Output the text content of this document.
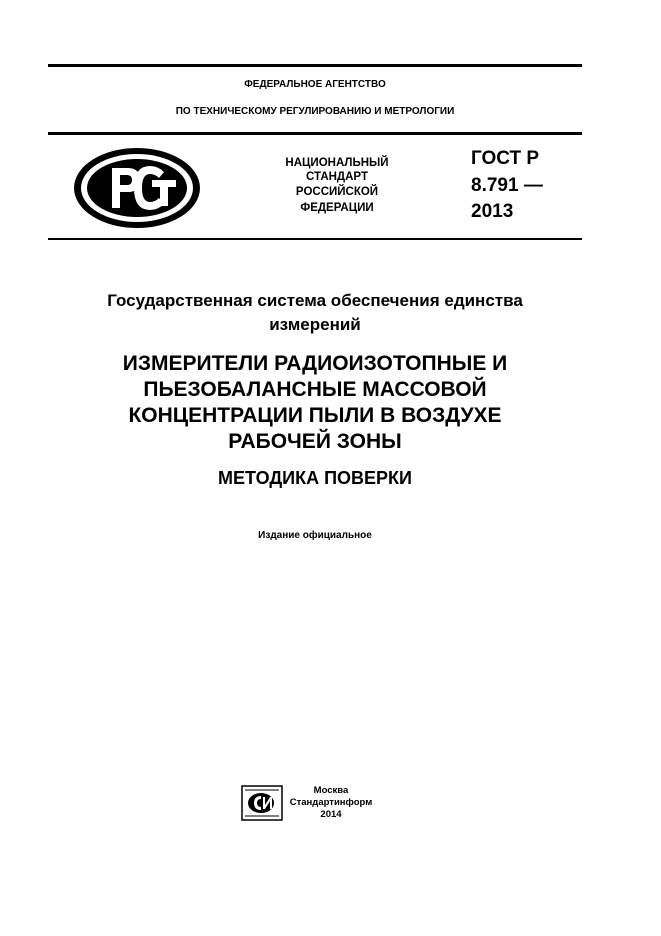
ФЕДЕРАЛЬНОЕ АГЕНТСТВО
ПО ТЕХНИЧЕСКОМУ РЕГУЛИРОВАНИЮ И МЕТРОЛОГИИ
НАЦИОНАЛЬНЫЙ
СТАНДАРТ
РОССИЙСКОЙ
ФЕДЕРАЦИИ
ГОСТ Р
8.791 —
2013
Государственная система обеспечения единства
измерений
ИЗМЕРИТЕЛИ РАДИОИЗОТОПНЫЕ И
ПЬЕЗОБАЛАНСНЫЕ МАССОВОЙ
КОНЦЕНТРАЦИИ ПЫЛИ В ВОЗДУХЕ
РАБОЧЕЙ ЗОНЫ
МЕТОДИКА ПОВЕРКИ
Издание официальное
Москва
Стандартинформ
2014
